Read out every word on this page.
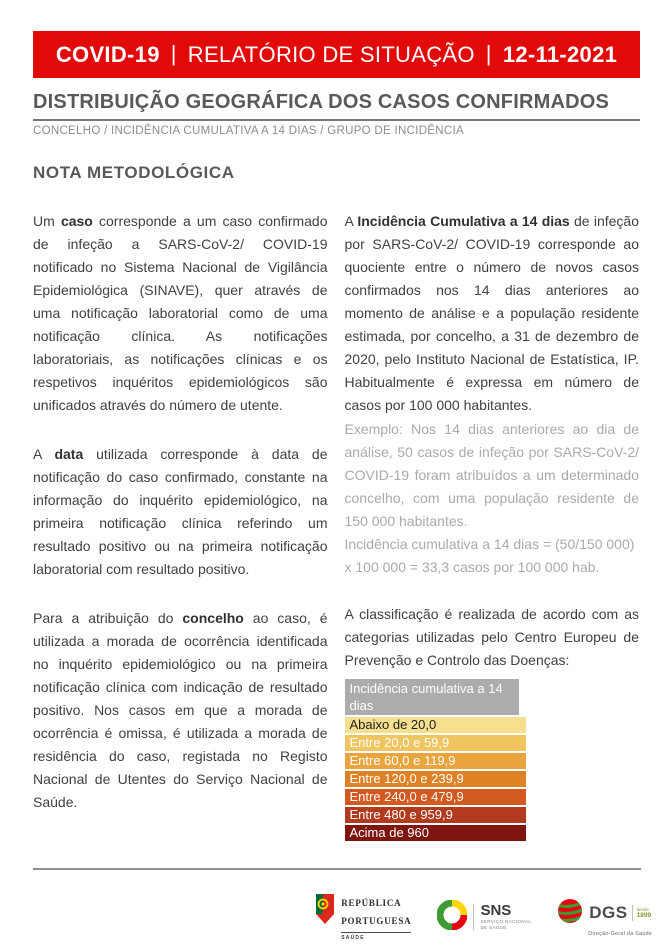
COVID-19 | RELATÓRIO DE SITUAÇÃO | 12-11-2021
DISTRIBUIÇÃO GEOGRÁFICA DOS CASOS CONFIRMADOS
CONCELHO / INCIDÊNCIA CUMULATIVA A 14 DIAS / GRUPO DE INCIDÊNCIA
NOTA METODOLÓGICA

Um caso corresponde a um caso confirmado de infeção a SARS-CoV-2/ COVID-19 notificado no Sistema Nacional de Vigilância Epidemiológica (SINAVE), quer através de uma notificação laboratorial como de uma notificação clínica. As notificações laboratoriais, as notificações clínicas e os respetivos inquéritos epidemiológicos são unificados através do número de utente.

A data utilizada corresponde à data de notificação do caso confirmado, constante na informação do inquérito epidemiológico, na primeira notificação clínica referindo um resultado positivo ou na primeira notificação laboratorial com resultado positivo.

Para a atribuição do concelho ao caso, é utilizada a morada de ocorrência identificada no inquérito epidemiológico ou na primeira notificação clínica com indicação de resultado positivo. Nos casos em que a morada de ocorrência é omissa, é utilizada a morada de residência do caso, registada no Registo Nacional de Utentes do Serviço Nacional de Saúde.

A Incidência Cumulativa a 14 dias de infeção por SARS-CoV-2/ COVID-19 corresponde ao quociente entre o número de novos casos confirmados nos 14 dias anteriores ao momento de análise e a população residente estimada, por concelho, a 31 de dezembro de 2020, pelo Instituto Nacional de Estatística, IP. Habitualmente é expressa em número de casos por 100 000 habitantes.

Exemplo: Nos 14 dias anteriores ao dia de análise, 50 casos de infeção por SARS-CoV-2/ COVID-19 foram atribuídos a um determinado concelho, com uma população residente de 150 000 habitantes.
Incidência cumulativa a 14 dias = (50/150 000)
x 100 000 = 33,3 casos por 100 000 hab.

A classificação é realizada de acordo com as categorias utilizadas pelo Centro Europeu de Prevenção e Controlo das Doenças:

Incidência cumulativa a 14 dias
Abaixo de 20,0
Entre 20,0 e 59,9
Entre 60,0 e 119,9
Entre 120,0 e 239,9
Entre 240,0 e 479,9
Entre 480 e 959,9
Acima de 960
REPÚBLICA
PORTUGUESA
SAÚDE
SNS
SERVIÇO NACIONAL
DE SAÚDE
DGS desde
1899
Direção-Geral da Saúde
